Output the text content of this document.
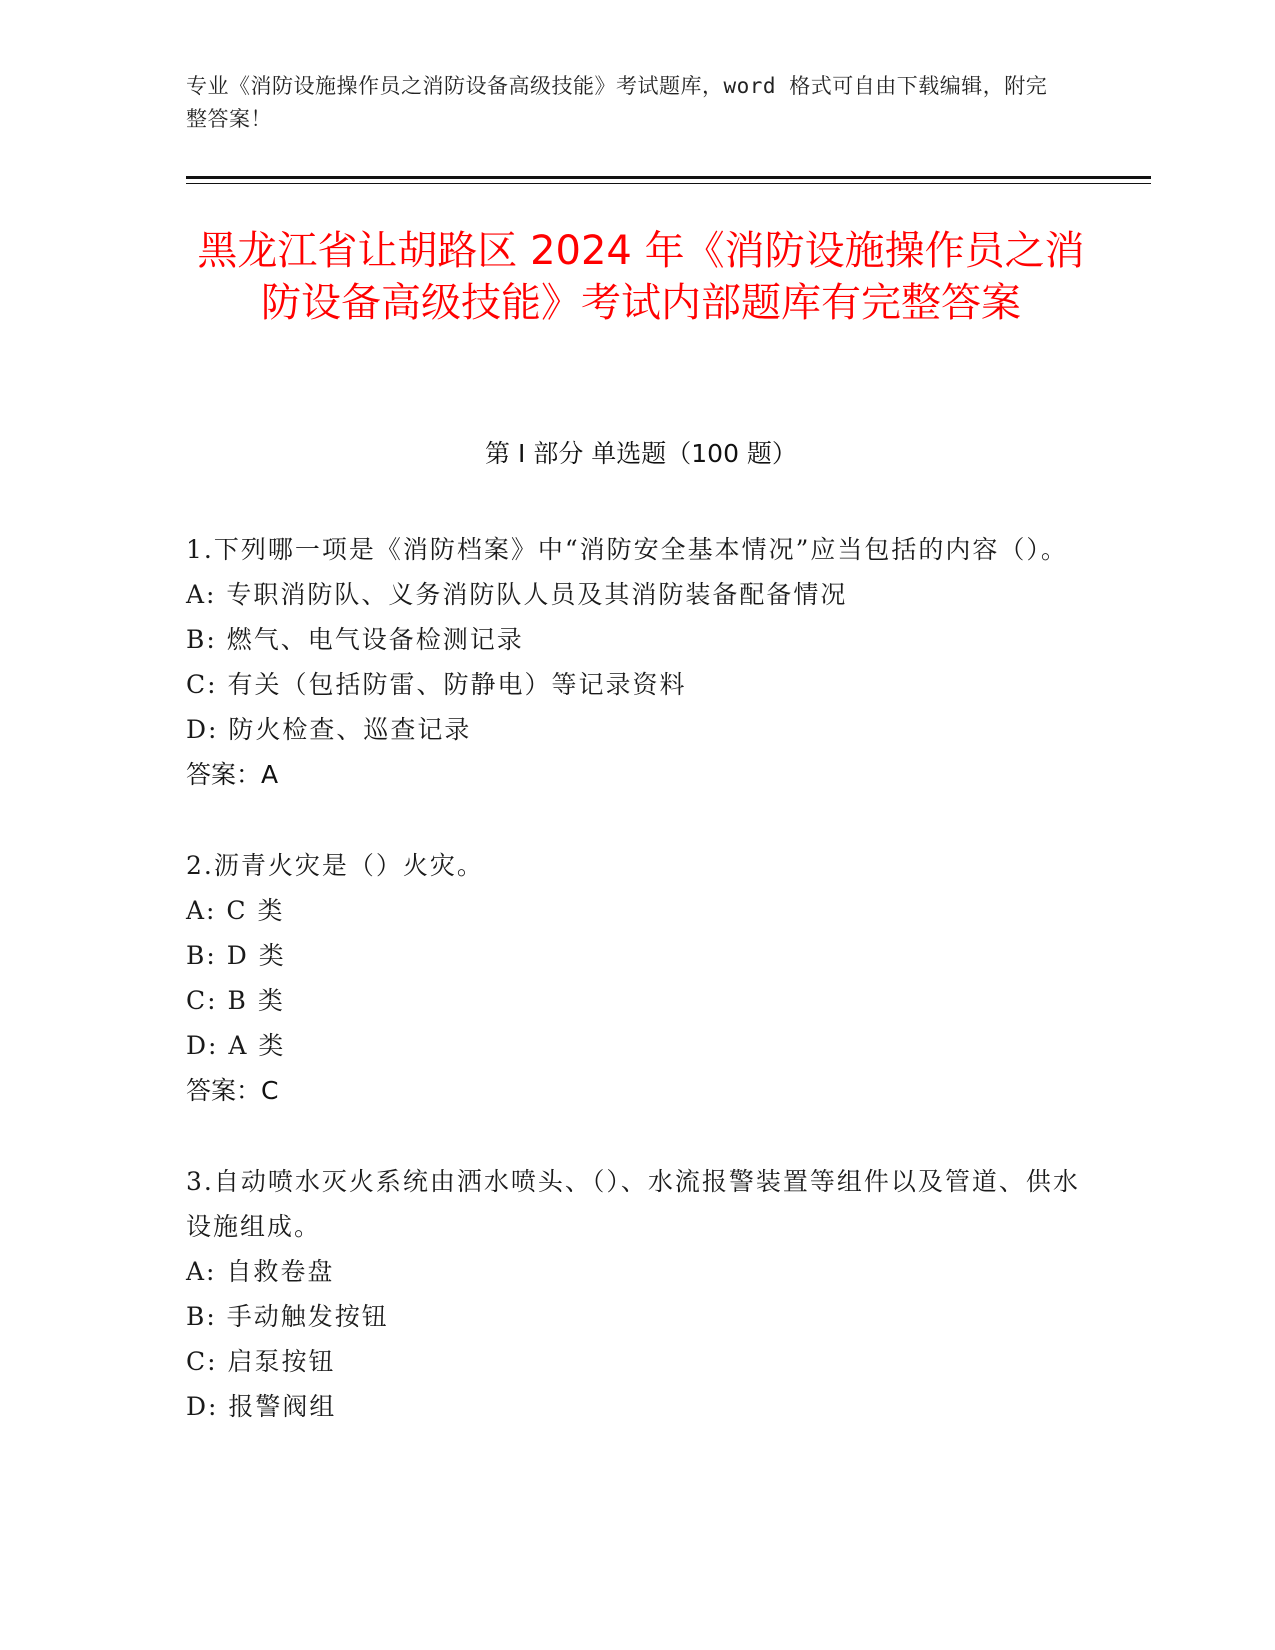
专业《消防设施操作员之消防设备高级技能》考试题库，word 格式可自由下载编辑，附完整答案！
黑龙江省让胡路区 2024 年《消防设施操作员之消防设备高级技能》考试内部题库有完整答案
第 I 部分 单选题（100 题）
1.下列哪一项是《消防档案》中“消防安全基本情况”应当包括的内容（）。
A: 专职消防队、义务消防队人员及其消防装备配备情况
B: 燃气、电气设备检测记录
C: 有关（包括防雷、防静电）等记录资料
D: 防火检查、巡查记录
答案：A
2.沥青火灾是（）火灾。
A: C 类
B: D 类
C: B 类
D: A 类
答案：C
3.自动喷水灭火系统由洒水喷头、（）、水流报警装置等组件以及管道、供水设施组成。
A: 自救卷盘
B: 手动触发按钮
C: 启泵按钮
D: 报警阀组
